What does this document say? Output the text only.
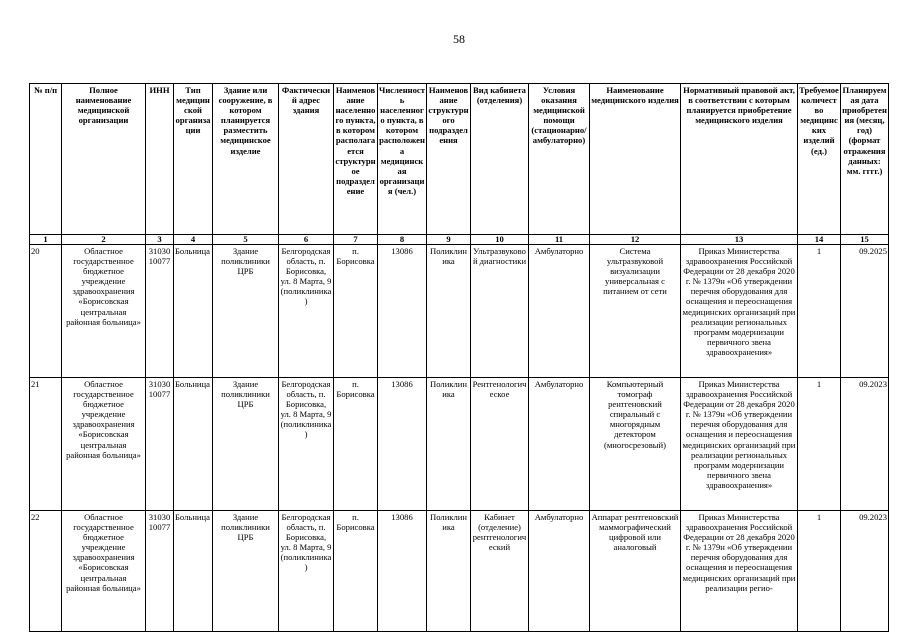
58
№ п/п	Полное наименование медицинской организации	ИНН	Тип медицинской организации	Здание или сооружение, в котором планируется разместить медицинское изделие	Фактический адрес здания	Наименование населенного пункта, в котором располагается структурное подразделение	Численность населенного пункта, в котором расположена медицинская организация (чел.)	Наименование структурного подразделения	Вид кабинета (отделения)	Условия оказания медицинской помощи (стационарно/амбулаторно)	Наименование медицинского изделия	Нормативный правовой акт, в соответствии с которым планируется приобретение медицинского изделия	Требуемое количество медицинских изделий (ед.)	Планируемая дата приобретения (месяц, год) (формат отражения данных: мм. гггг.)
1	2	3	4	5	6	7	8	9	10	11	12	13	14	15
20	Областное государственное бюджетное учреждение здравоохранения «Борисовская центральная районная больница»	31030 10077	Больница	Здание поликлиники ЦРБ	Белгородская область, п. Борисовка, ул. 8 Марта, 9 (поликлиника)	п. Борисовка	13086	Поликлиника	Ультразвуковой диагностики	Амбулаторно	Система ультразвуковой визуализации универсальная с питанием от сети	Приказ Министерства здравоохранения Российской Федерации от 28 декабря 2020 г. № 1379н «Об утверждении перечня оборудования для оснащения и переоснащения медицинских организаций при реализации региональных программ модернизации первичного звена здравоохранения»	1	09.2025
21	Областное государственное бюджетное учреждение здравоохранения «Борисовская центральная районная больница»	31030 10077	Больница	Здание поликлиники ЦРБ	Белгородская область, п. Борисовка, ул. 8 Марта, 9 (поликлиника)	п. Борисовка	13086	Поликлиника	Рентгенологическое	Амбулаторно	Компьютерный томограф рентгеновский спиральный с многорядным детектором (многосрезовый)	Приказ Министерства здравоохранения Российской Федерации от 28 декабря 2020 г. № 1379н «Об утверждении перечня оборудования для оснащения и переоснащения медицинских организаций при реализации региональных программ модернизации первичного звена здравоохранения»	1	09.2023
22	Областное государственное бюджетное учреждение здравоохранения «Борисовская центральная районная больница»	31030 10077	Больница	Здание поликлиники ЦРБ	Белгородская область, п. Борисовка, ул. 8 Марта, 9 (поликлиника)	п. Борисовка	13086	Поликлиника	Кабинет (отделение) рентгенологический	Амбулаторно	Аппарат рентгеновский маммографический цифровой или аналоговый	Приказ Министерства здравоохранения Российской Федерации от 28 декабря 2020 г. № 1379н «Об утверждении перечня оборудования для оснащения и переоснащения медицинских организаций при реализации регио-	1	09.2023
